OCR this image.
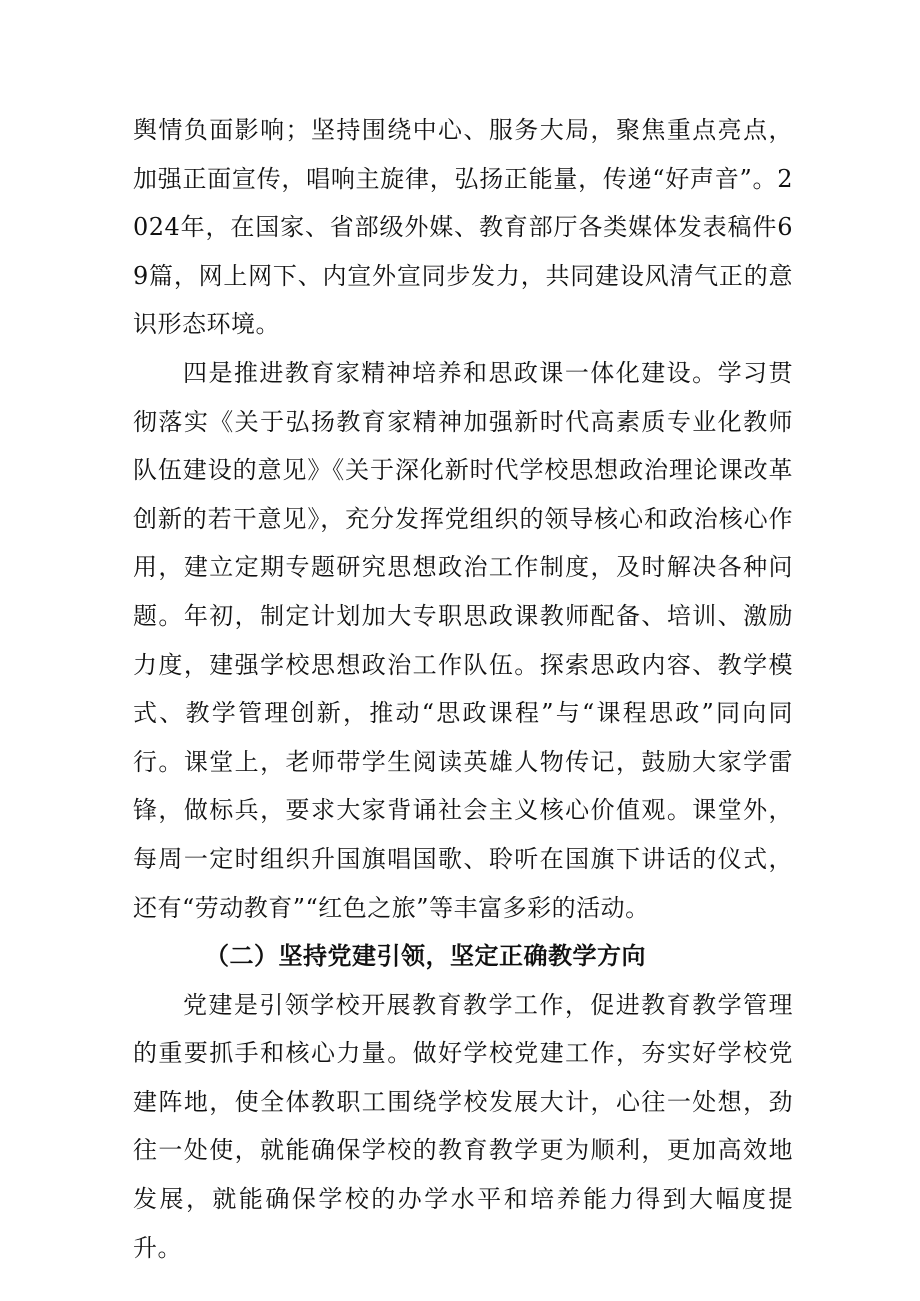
舆情负面影响；坚持围绕中心、服务大局，聚焦重点亮点，加强正面宣传，唱响主旋律，弘扬正能量，传递“好声音”。2024年，在国家、省部级外媒、教育部厅各类媒体发表稿件69篇，网上网下、内宣外宣同步发力，共同建设风清气正的意识形态环境。

四是推进教育家精神培养和思政课一体化建设。学习贯彻落实《关于弘扬教育家精神加强新时代高素质专业化教师队伍建设的意见》《关于深化新时代学校思想政治理论课改革创新的若干意见》，充分发挥党组织的领导核心和政治核心作用，建立定期专题研究思想政治工作制度，及时解决各种问题。年初，制定计划加大专职思政课教师配备、培训、激励力度，建强学校思想政治工作队伍。探索思政内容、教学模式、教学管理创新，推动“思政课程”与“课程思政”同向同行。课堂上，老师带学生阅读英雄人物传记，鼓励大家学雷锋，做标兵，要求大家背诵社会主义核心价值观。课堂外，每周一定时组织升国旗唱国歌、聆听在国旗下讲话的仪式，还有“劳动教育”“红色之旅”等丰富多彩的活动。

（二）坚持党建引领，坚定正确教学方向

党建是引领学校开展教育教学工作，促进教育教学管理的重要抓手和核心力量。做好学校党建工作，夯实好学校党建阵地，使全体教职工围绕学校发展大计，心往一处想，劲往一处使，就能确保学校的教育教学更为顺利，更加高效地发展，就能确保学校的办学水平和培养能力得到大幅度提升。
